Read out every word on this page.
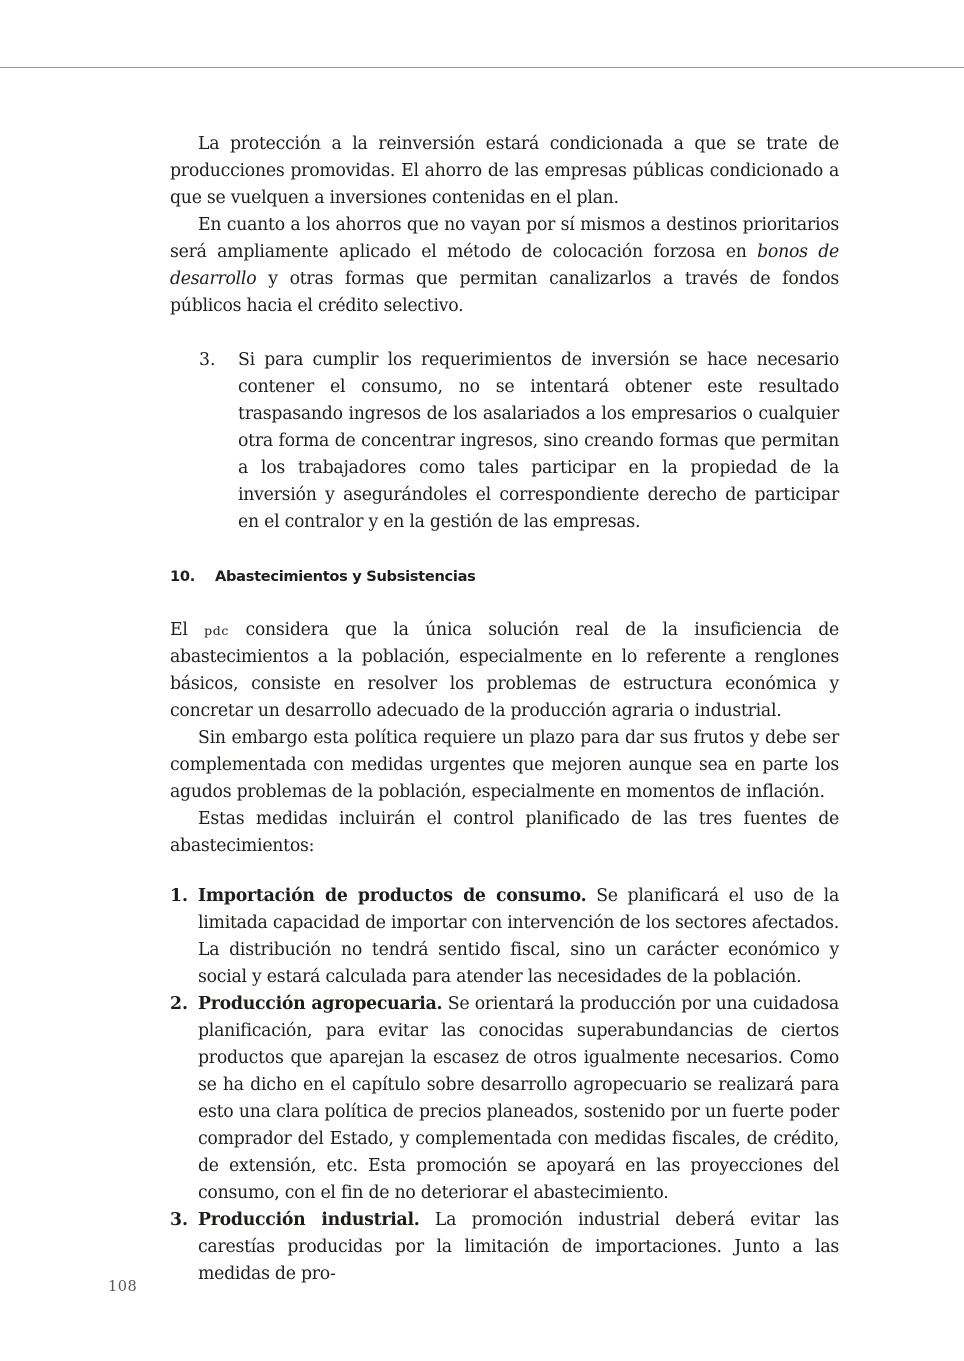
La protección a la reinversión estará condicionada a que se trate de producciones promovidas. El ahorro de las empresas públicas condicionado a que se vuelquen a inversiones contenidas en el plan.

En cuanto a los ahorros que no vayan por sí mismos a destinos prioritarios será ampliamente aplicado el método de colocación forzosa en bonos de desarrollo y otras formas que permitan canalizarlos a través de fondos públicos hacia el crédito selectivo.

3.	Si para cumplir los requerimientos de inversión se hace necesario contener el consumo, no se intentará obtener este resultado traspasando ingresos de los asalariados a los empresarios o cualquier otra forma de concentrar ingresos, sino creando formas que permitan a los trabajadores como tales participar en la propiedad de la inversión y asegurándoles el correspondiente derecho de participar en el contralor y en la gestión de las empresas.

10. Abastecimientos y Subsistencias

El pdc considera que la única solución real de la insuficiencia de abastecimientos a la población, especialmente en lo referente a renglones básicos, consiste en resolver los problemas de estructura económica y concretar un desarrollo adecuado de la producción agraria o industrial.

Sin embargo esta política requiere un plazo para dar sus frutos y debe ser complementada con medidas urgentes que mejoren aunque sea en parte los agudos problemas de la población, especialmente en momentos de inflación.

Estas medidas incluirán el control planificado de las tres fuentes de abastecimientos:

1. Importación de productos de consumo. Se planificará el uso de la limitada capacidad de importar con intervención de los sectores afectados. La distribución no tendrá sentido fiscal, sino un carácter económico y social y estará calculada para atender las necesidades de la población.

2. Producción agropecuaria. Se orientará la producción por una cuidadosa planificación, para evitar las conocidas superabundancias de ciertos productos que aparejan la escasez de otros igualmente necesarios. Como se ha dicho en el capítulo sobre desarrollo agropecuario se realizará para esto una clara política de precios planeados, sostenido por un fuerte poder comprador del Estado, y complementada con medidas fiscales, de crédito, de extensión, etc. Esta promoción se apoyará en las proyecciones del consumo, con el fin de no deteriorar el abastecimiento.

3. Producción industrial. La promoción industrial deberá evitar las carestías producidas por la limitación de importaciones. Junto a las medidas de pro-

108
